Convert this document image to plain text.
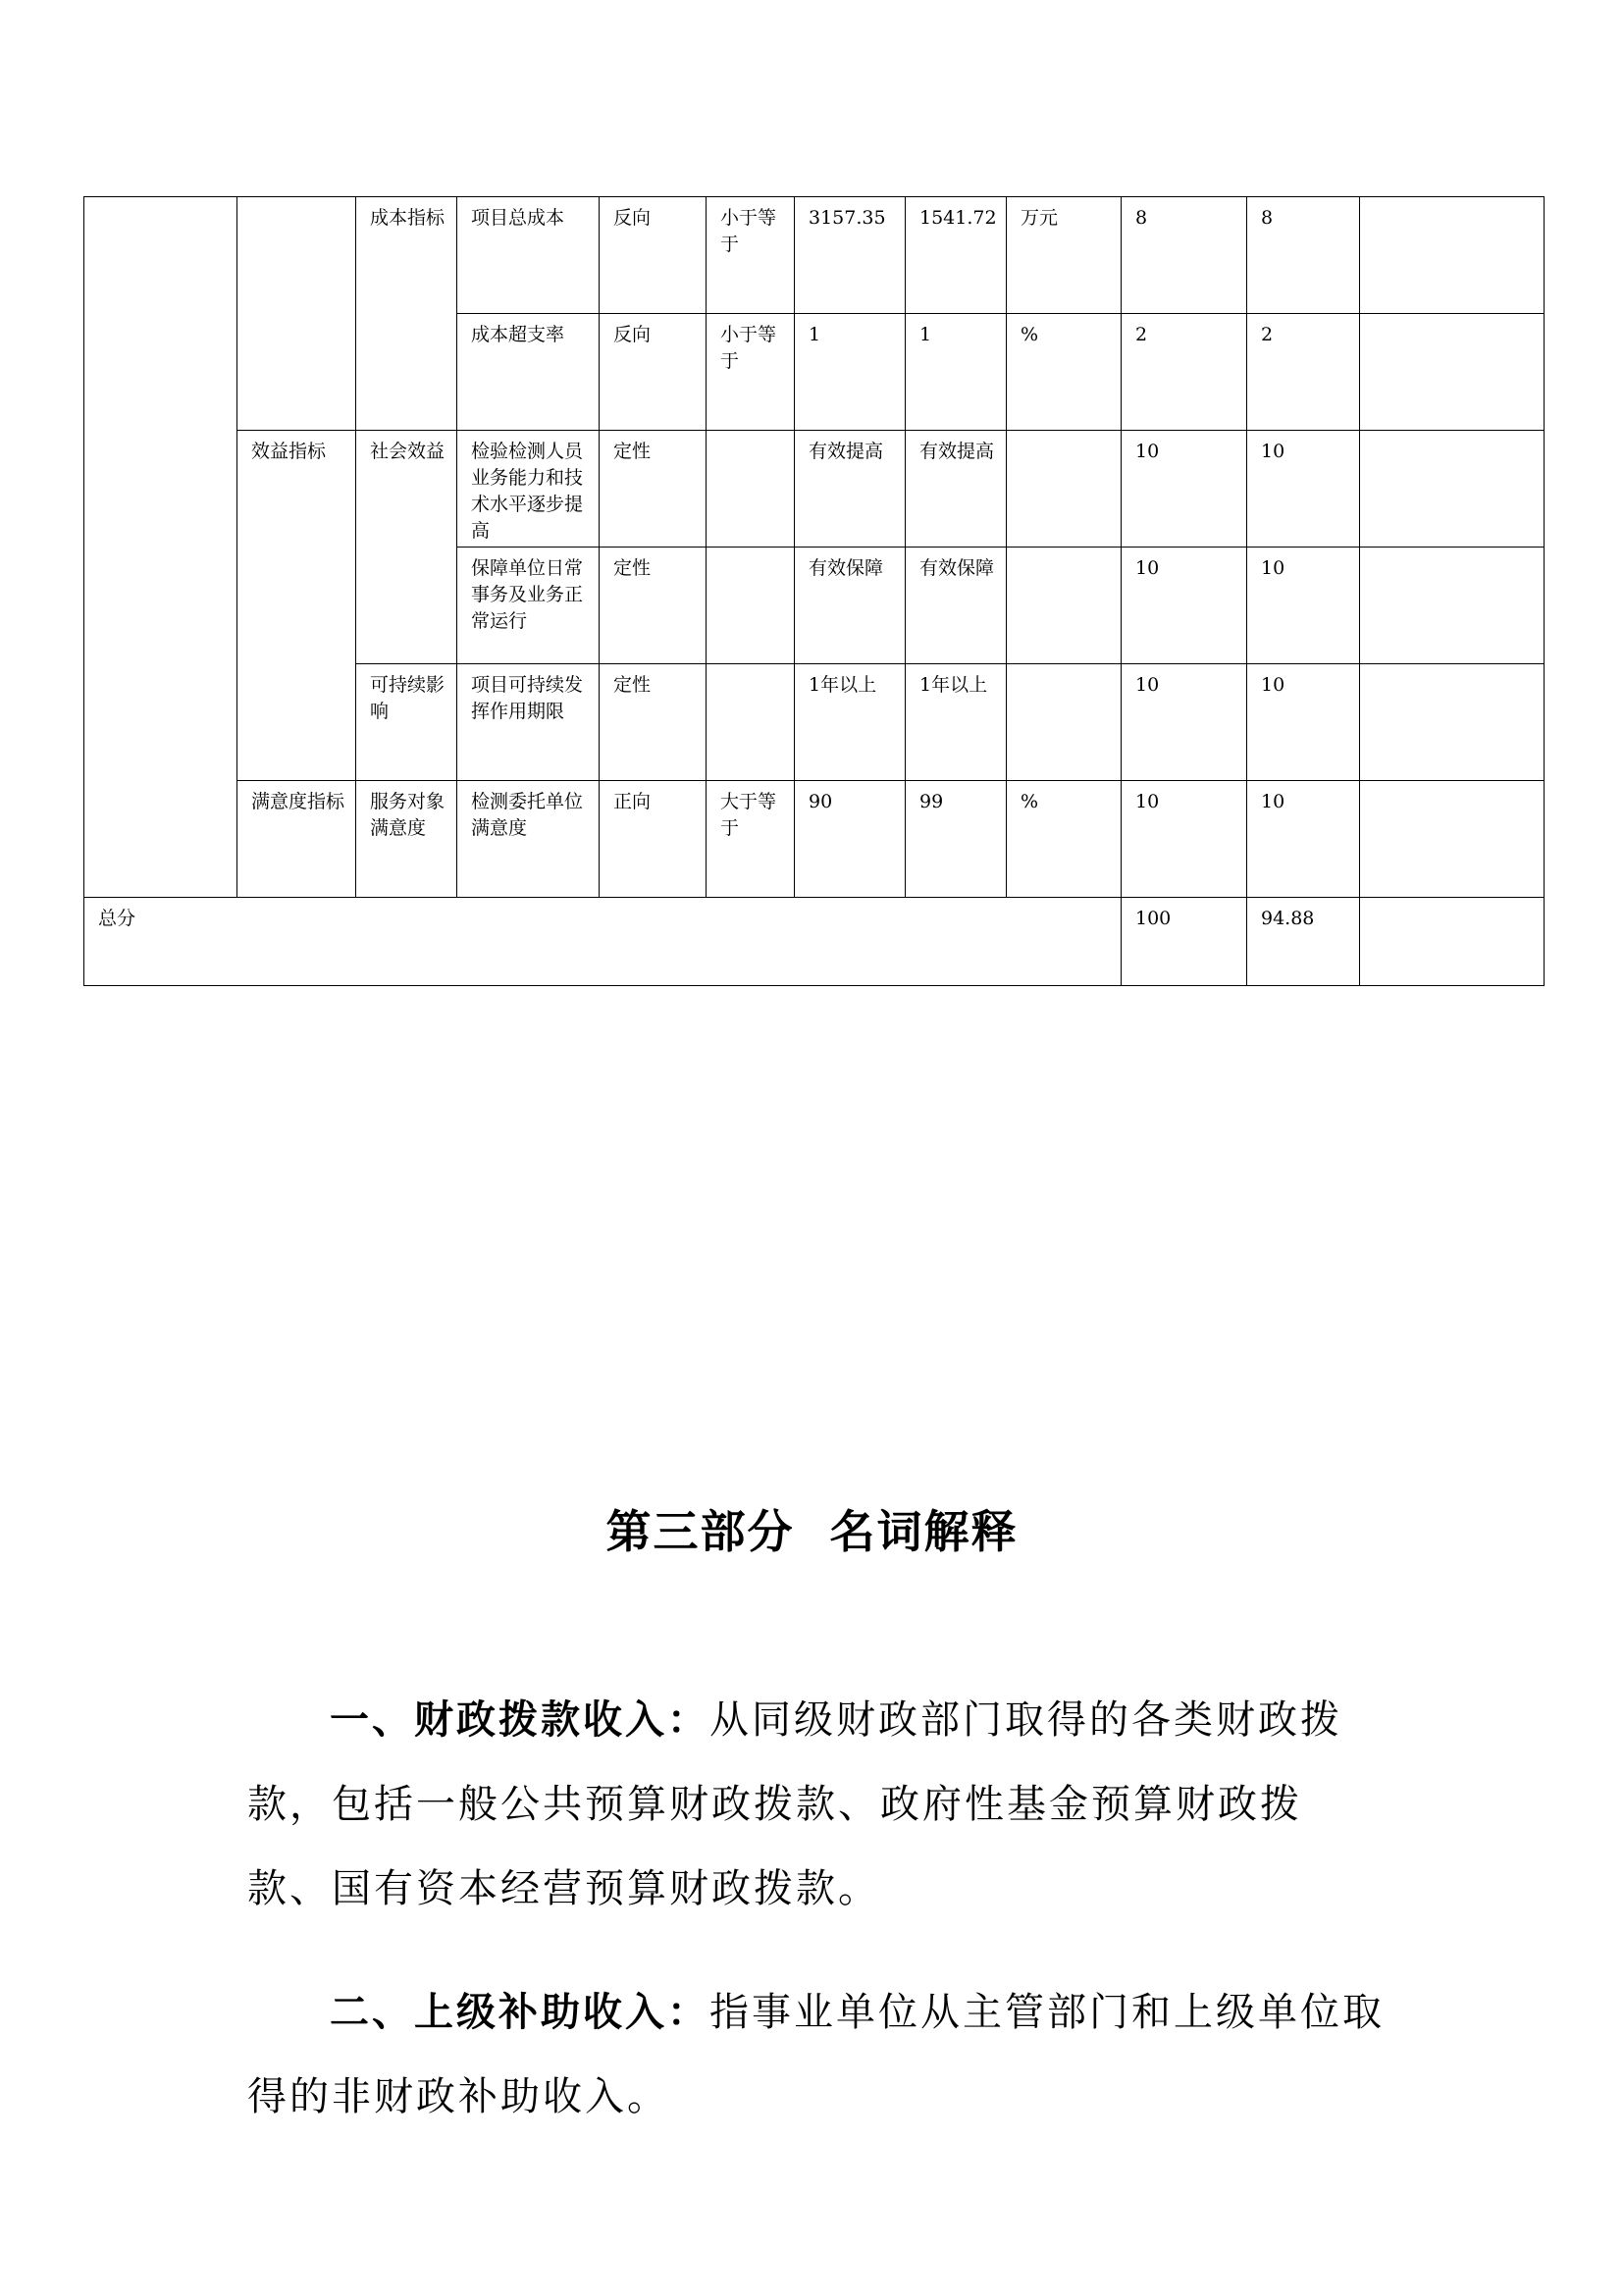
		成本指标	项目总成本	反向	小于等于	3157.35	1541.72	万元	8	8	
			成本超支率	反向	小于等于	1	1	%	2	2	
	效益指标	社会效益	检验检测人员业务能力和技术水平逐步提高	定性		有效提高	有效提高		10	10	
			保障单位日常事务及业务正常运行	定性		有效保障	有效保障		10	10	
		可持续影响	项目可持续发挥作用期限	定性		1年以上	1年以上		10	10	
	满意度指标	服务对象满意度	检测委托单位满意度	正向	大于等于	90	99	%	10	10	
总分									100	94.88	
第三部分 名词解释

一、财政拨款收入：从同级财政部门取得的各类财政拨款，包括一般公共预算财政拨款、政府性基金预算财政拨款、国有资本经营预算财政拨款。

二、上级补助收入：指事业单位从主管部门和上级单位取得的非财政补助收入。
